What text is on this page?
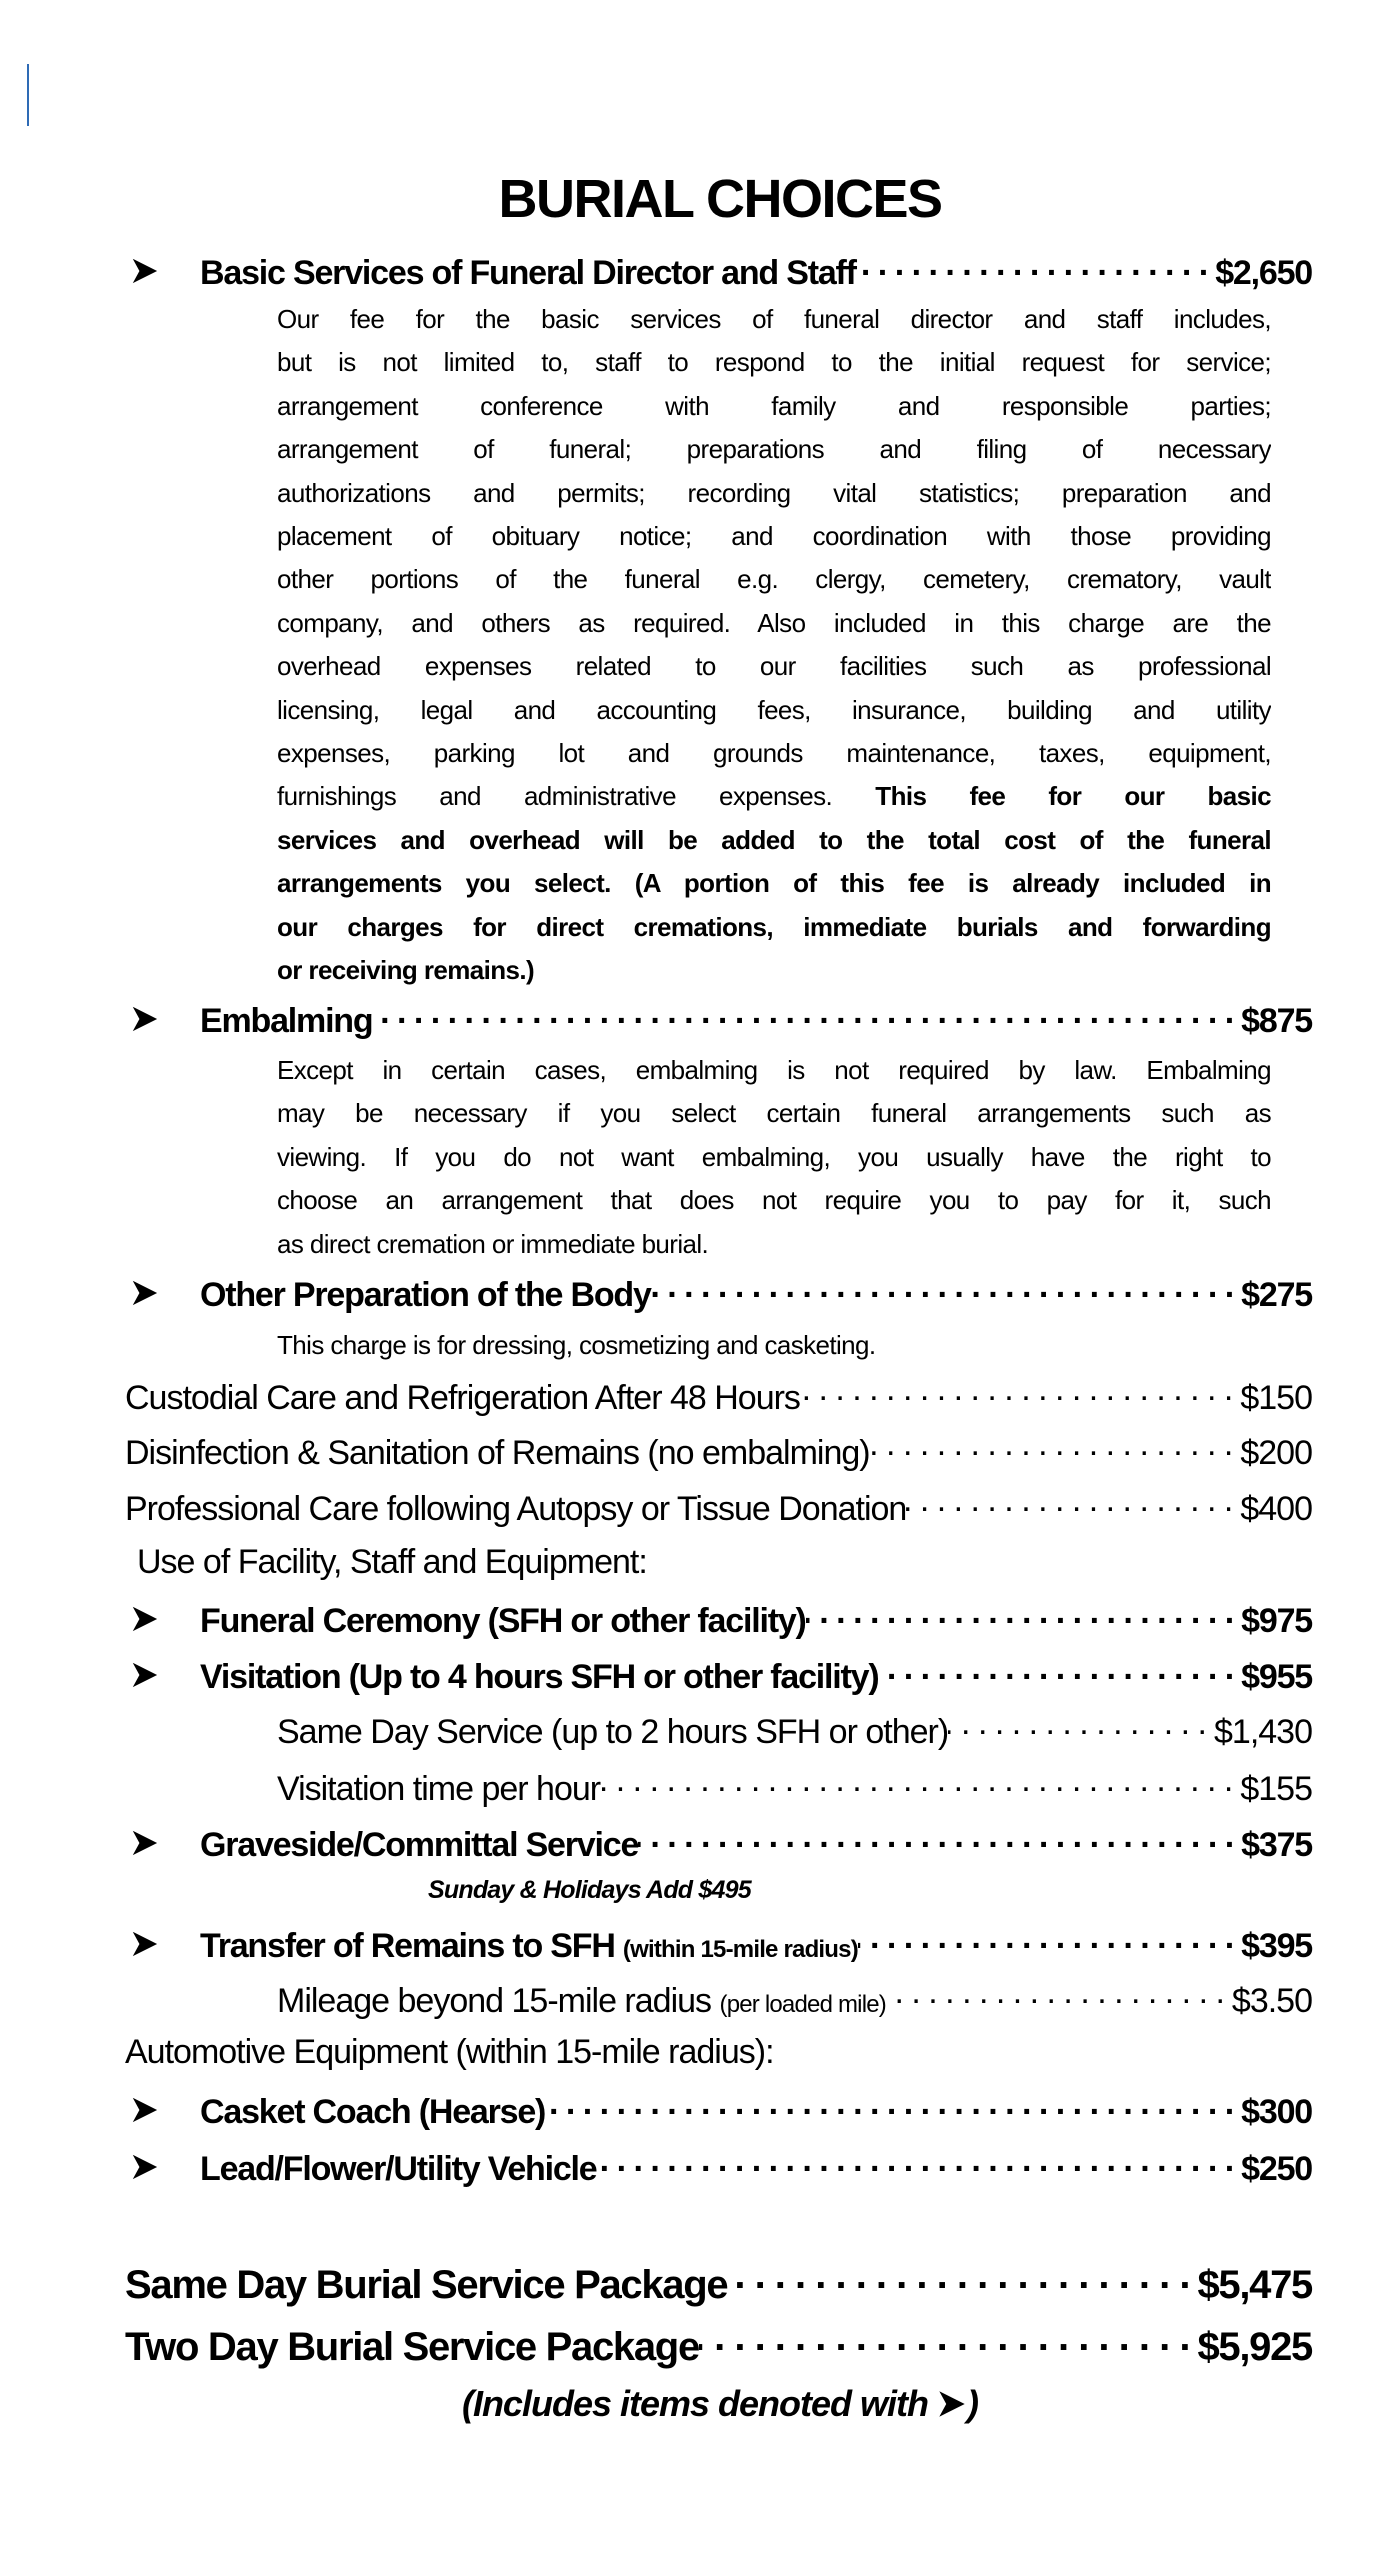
BURIAL CHOICES
Basic Services of Funeral Director and Staff . . .	$2,650
Our fee for the basic services of funeral director and staff includes,
but is not limited to, staff to respond to the initial request for service;
arrangement conference with family and responsible parties;
arrangement of funeral; preparations and filing of necessary
authorizations and permits; recording vital statistics; preparation and
placement of obituary notice; and coordination with those providing
other portions of the funeral e.g. clergy, cemetery, crematory, vault
company, and others as required. Also included in this charge are the
overhead expenses related to our facilities such as professional
licensing, legal and accounting fees, insurance, building and utility
expenses, parking lot and grounds maintenance, taxes, equipment,
furnishings and administrative expenses. This fee for our basic
services and overhead will be added to the total cost of the funeral
arrangements you select. (A portion of this fee is already included in
our charges for direct cremations, immediate burials and forwarding
or receiving remains.)
Embalming . . .	$875
Except in certain cases, embalming is not required by law. Embalming
may be necessary if you select certain funeral arrangements such as
viewing. If you do not want embalming, you usually have the right to
choose an arrangement that does not require you to pay for it, such
as direct cremation or immediate burial.
Other Preparation of the Body . . .	$275
This charge is for dressing, cosmetizing and casketing.
Custodial Care and Refrigeration After 48 Hours . . .	$150
Disinfection & Sanitation of Remains (no embalming) . . .	$200
Professional Care following Autopsy or Tissue Donation . . .	$400
Use of Facility, Staff and Equipment:
Funeral Ceremony (SFH or other facility) . . .	$975
Visitation (Up to 4 hours SFH or other facility) . . .	$955
Same Day Service (up to 2 hours SFH or other) . . .	$1,430
Visitation time per hour . . .	$155
Graveside/Committal Service . . .	$375
Sunday & Holidays Add $495
Transfer of Remains to SFH (within 15-mile radius) . . .	$395
Mileage beyond 15-mile radius (per loaded mile) . . .	$3.50
Automotive Equipment (within 15-mile radius):
Casket Coach (Hearse) . . .	$300
Lead/Flower/Utility Vehicle . . .	$250
Same Day Burial Service Package . . .	$5,475
Two Day Burial Service Package . . .	$5,925
(Includes items denoted with )
